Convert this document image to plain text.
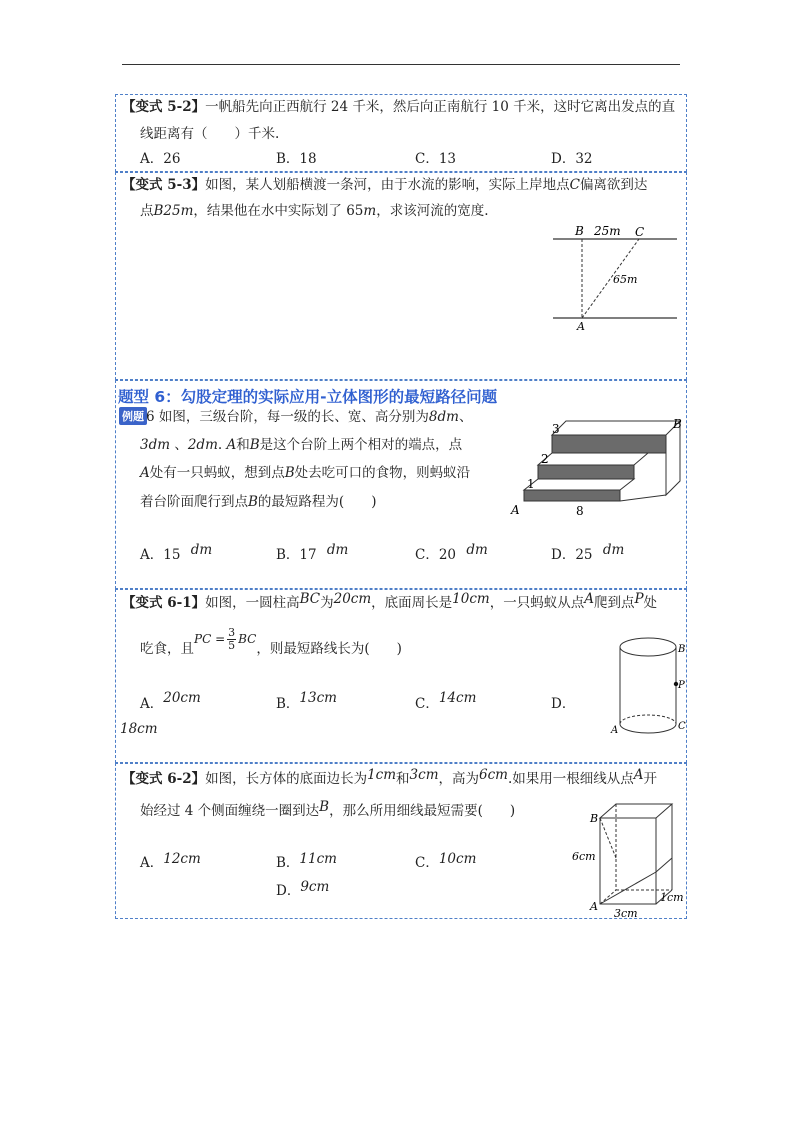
【变式 5-2】一帆船先向正西航行 24 千米，然后向正南航行 10 千米，这时它离出发点的直
线距离有（　　）千米.
A．26	B．18	C．13	D．32
【变式 5-3】如图，某人划船横渡一条河，由于水流的影响，实际上岸地点C偏离欲到达
点B25m，结果他在水中实际划了 65m，求该河流的宽度.
B 25m C
65m
A
题型 6：勾股定理的实际应用-立体图形的最短路径问题
例题 6 如图，三级台阶，每一级的长、宽、高分别为8dm、
3dm 、2dm. A和B是这个台阶上两个相对的端点，点
A处有一只蚂蚁，想到点B处去吃可口的食物，则蚂蚁沿
着台阶面爬行到点B的最短路程为(　　)
A．15 dm	B．17 dm	C．20 dm	D．25 dm
3
2
1
8
A
B
【变式 6-1】如图，一圆柱高BC为20cm，底面周长是10cm，一只蚂蚁从点A爬到点P处
吃食，且PC = $\frac{3}{5}$ BC，则最短路线长为(　　)
A．20cm	B．13cm	C．14cm	D．
18cm	A
B
P
C
【变式 6-2】如图，长方体的底面边长为1cm和3cm，高为6cm.如果用一根细线从点A开
始经过 4 个侧面缠绕一圈到达B，那么所用细线最短需要(　　)
A．12cm	B．11cm	C．10cm
D．9cm
B
A
6cm
3cm
1cm
